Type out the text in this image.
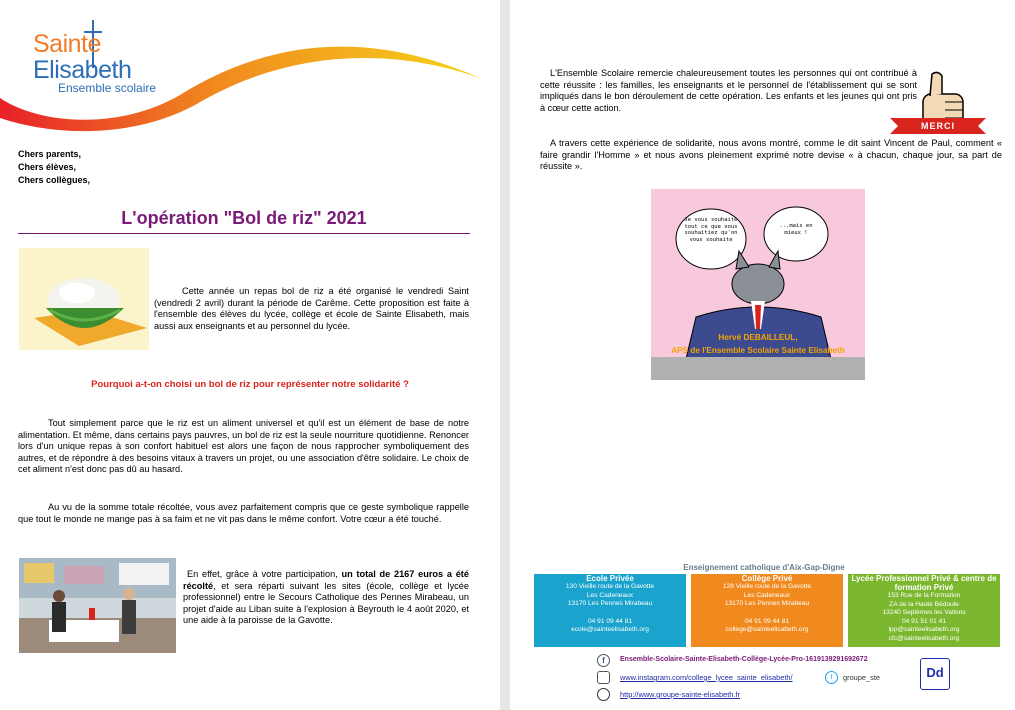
Sainte
Elisabeth
Ensemble scolaire
Chers parents,
Chers élèves,
Chers collègues,
L'opération "Bol de riz" 2021
Cette année un repas bol de riz a été organisé le vendredi Saint (vendredi 2 avril) durant la période de Carême. Cette proposition est faite à l'ensemble des élèves du lycée, collège et école de Sainte Elisabeth, mais aussi aux enseignants et au personnel du lycée.
Pourquoi a-t-on choisi un bol de riz pour représenter notre solidarité ?
Tout simplement parce que le riz est un aliment universel et qu'il est un élément de base de notre alimentation. Et même, dans certains pays pauvres, un bol de riz est la seule nourriture quotidienne. Renoncer lors d'un unique repas à son confort habituel est alors une façon de nous rapprocher symboliquement des autres, et de répondre à des besoins vitaux à travers un projet, ou une association d'être solidaire. Le choix de cet aliment n'est donc pas dû au hasard.
Au vu de la somme totale récoltée, vous avez parfaitement compris que ce geste symbolique rappelle que tout le monde ne mange pas à sa faim et ne vit pas dans le même confort. Votre cœur a été touché.
En effet, grâce à votre participation, un total de 2167 euros a été récolté, et sera réparti suivant les sites (école, collège et lycée professionnel) entre le Secours Catholique des Pennes Mirabeau, un projet d'aide au Liban suite à l'explosion à Beyrouth le 4 août 2020, et une aide à la paroisse de la Gavotte.
L'Ensemble Scolaire remercie chaleureusement toutes les personnes qui ont contribué à cette réussite : les familles, les enseignants et le personnel de l'établissement qui se sont impliqués dans le bon déroulement de cette opération. Les enfants et les jeunes qui ont pris à cœur cette action.
MERCI
A travers cette expérience de solidarité, nous avons montré, comme le dit saint Vincent de Paul, comment « faire grandir l'Homme » et nous avons pleinement exprimé notre devise « à chacun, chaque jour, sa part de réussite ».
Je vous souhaite tout ce que vous souhaitiez qu'on vous souhaite
...mais en mieux !
Hervé DEBAILLEUL,
APS de l'Ensemble Scolaire Sainte Elisabeth
Enseignement catholique d'Aix-Gap-Digne
Ecole Privée
130 Vieille route de la Gavotte
Les Cadeneaux
13170 Les Pennes Mirabeau
04 91 09 44 81
ecole@sainteelisabeth.org
Collège Privé
128 Vieille route de la Gavotte
Les Cadeneaux
13170 Les Pennes Mirabeau
04 91 09 44 81
college@sainteelisabeth.org
Lycée Professionnel Privé & centre de formation Privé
153 Rue de la Formation
ZA de la Haute Bédoule
13240 Septèmes les Vallons
04 91 51 01 41
lpp@sainteelisabeth.org
cfc@sainteelisabeth.org
f	Ensemble-Scolaire-Sainte-Elisabeth-Collège-Lycée-Pro-1619139291692672
www.instagram.com/college_lycee_sainte_elisabeth/	t	groupe_ste
http://www.groupe-sainte-elisabeth.fr
Dd
